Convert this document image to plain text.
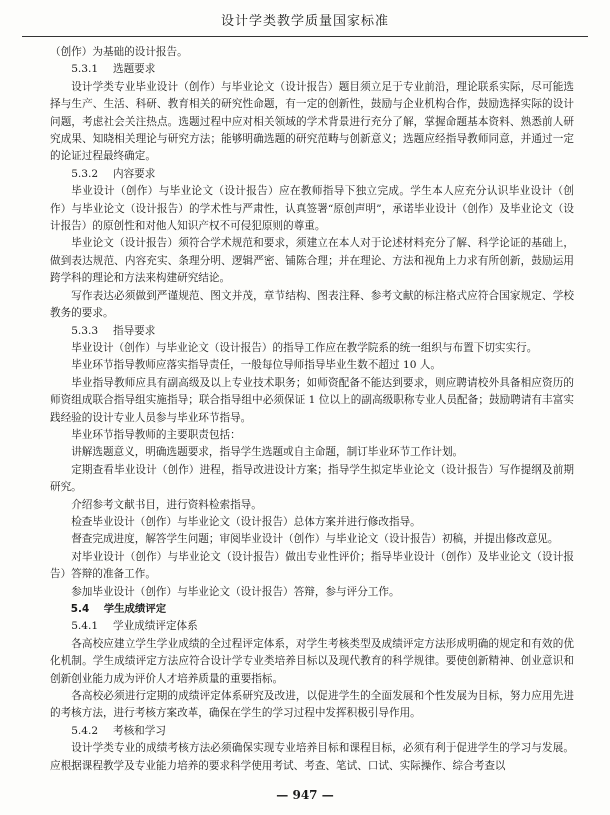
设计学类教学质量国家标准

（创作）为基础的设计报告。

5.3.1 选题要求

设计学类专业毕业设计（创作）与毕业论文（设计报告）题目须立足于专业前沿，理论联系实际，尽可能选择与生产、生活、科研、教育相关的研究性命题，有一定的创新性，鼓励与企业机构合作，鼓励选择实际的设计问题，考虑社会关注热点。选题过程中应对相关领域的学术背景进行充分了解，掌握命题基本资料、熟悉前人研究成果、知晓相关理论与研究方法；能够明确选题的研究范畴与创新意义；选题应经指导教师同意，并通过一定的论证过程最终确定。

5.3.2 内容要求

毕业设计（创作）与毕业论文（设计报告）应在教师指导下独立完成。学生本人应充分认识毕业设计（创作）与毕业论文（设计报告）的学术性与严肃性，认真签署“原创声明”，承诺毕业设计（创作）及毕业论文（设计报告）的原创性和对他人知识产权不可侵犯原则的尊重。

毕业论文（设计报告）须符合学术规范和要求，须建立在本人对于论述材料充分了解、科学论证的基础上，做到表达规范、内容充实、条理分明、逻辑严密、铺陈合理；并在理论、方法和视角上力求有所创新，鼓励运用跨学科的理论和方法来构建研究结论。

写作表达必须做到严谨规范、图文并茂，章节结构、图表注释、参考文献的标注格式应符合国家规定、学校教务的要求。

5.3.3 指导要求

毕业设计（创作）与毕业论文（设计报告）的指导工作应在教学院系的统一组织与布置下切实实行。

毕业环节指导教师应落实指导责任，一般每位导师指导毕业生数不超过 10 人。

毕业指导教师应具有副高级及以上专业技术职务；如师资配备不能达到要求，则应聘请校外具备相应资历的师资组成联合指导组实施指导；联合指导组中必须保证 1 位以上的副高级职称专业人员配备；鼓励聘请有丰富实践经验的设计专业人员参与毕业环节指导。

毕业环节指导教师的主要职责包括：

讲解选题意义，明确选题要求，指导学生选题或自主命题，制订毕业环节工作计划。

定期查看毕业设计（创作）进程，指导改进设计方案；指导学生拟定毕业论文（设计报告）写作提纲及前期研究。

介绍参考文献书目，进行资料检索指导。

检查毕业设计（创作）与毕业论文（设计报告）总体方案并进行修改指导。

督查完成进度，解答学生问题；审阅毕业设计（创作）与毕业论文（设计报告）初稿，并提出修改意见。

对毕业设计（创作）与毕业论文（设计报告）做出专业性评价；指导毕业设计（创作）及毕业论文（设计报告）答辩的准备工作。

参加毕业设计（创作）与毕业论文（设计报告）答辩，参与评分工作。

5.4 学生成绩评定

5.4.1 学业成绩评定体系

各高校应建立学生学业成绩的全过程评定体系，对学生考核类型及成绩评定方法形成明确的规定和有效的优化机制。学生成绩评定方法应符合设计学专业类培养目标以及现代教育的科学规律。要使创新精神、创业意识和创新创业能力成为评价人才培养质量的重要指标。

各高校必须进行定期的成绩评定体系研究及改进，以促进学生的全面发展和个性发展为目标，努力应用先进的考核方法，进行考核方案改革，确保在学生的学习过程中发挥积极引导作用。

5.4.2 考核和学习

设计学类专业的成绩考核方法必须确保实现专业培养目标和课程目标，必须有利于促进学生的学习与发展。应根据课程教学及专业能力培养的要求科学使用考试、考查、笔试、口试、实际操作、综合考查以

— 947 —
